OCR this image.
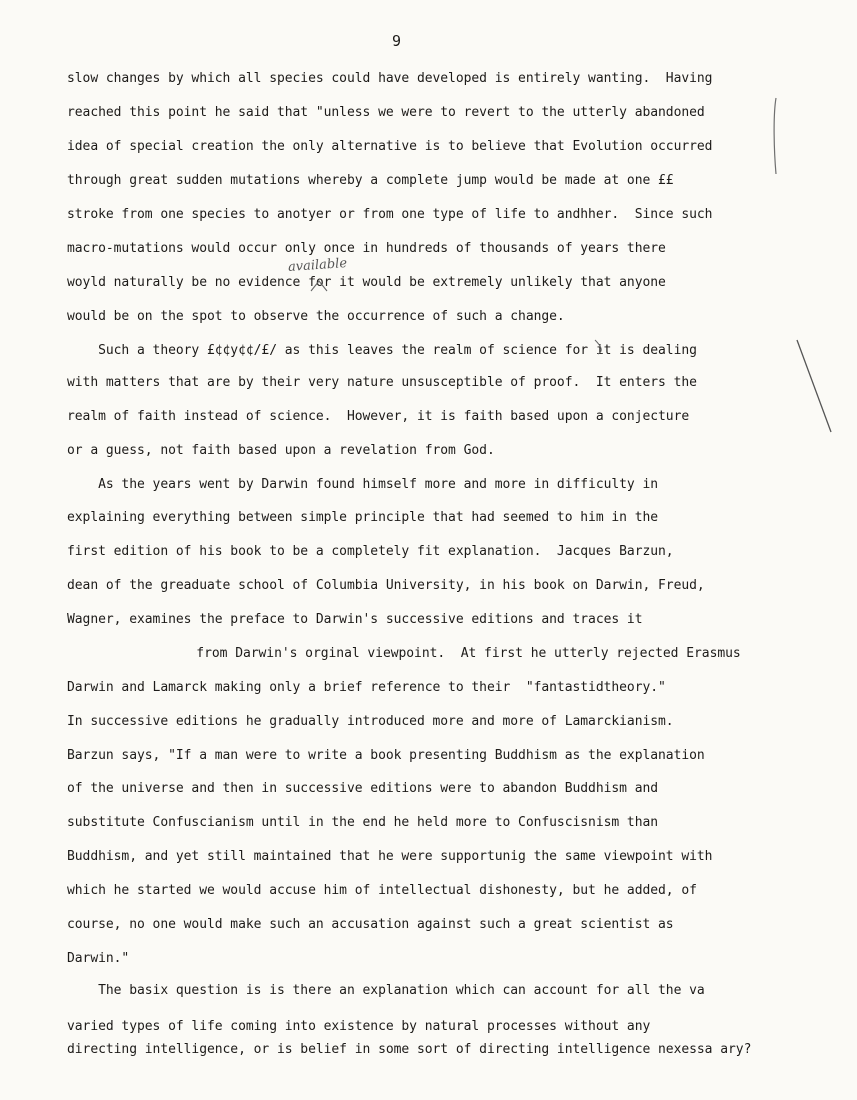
9
slow changes by which all species could have developed is entirely wanting.  Having
reached this point he said that "unless we were to revert to the utterly abandoned
idea of special creation the only alternative is to believe that Evolution occurred
through great sudden mutations whereby a complete jump would be made at one ££
stroke from one species to anotyer or from one type of life to andhher.  Since such
macro-mutations would occur only once in hundreds of thousands of years there
woyld naturally be no evidence for it would be extremely unlikely that anyone
would be on the spot to observe the occurrence of such a change.
Such a theory £¢¢y¢¢/£/ as this leaves the realm of science for it is dealing
with matters that are by their very nature unsusceptible of proof.  It enters the
realm of faith instead of science.  However, it is faith based upon a conjecture
or a guess, not faith based upon a revelation from God.
As the years went by Darwin found himself more and more in difficulty in
explaining everything between simple principle that had seemed to him in the
first edition of his book to be a completely fit explanation.  Jacques Barzun,
dean of the greaduate school of Columbia University, in his book on Darwin, Freud,
Wagner, examines the preface to Darwin's successive editions and traces it
from Darwin's orginal viewpoint.  At first he utterly rejected Erasmus
Darwin and Lamarck making only a brief reference to their  "fantastidtheory."
In successive editions he gradually introduced more and more of Lamarckianism.
Barzun says, "If a man were to write a book presenting Buddhism as the explanation
of the universe and then in successive editions were to abandon Buddhism and
substitute Confuscianism until in the end he held more to Confuscisnism than
Buddhism, and yet still maintained that he were supportunig the same viewpoint with
which he started we would accuse him of intellectual dishonesty, but he added, of
course, no one would make such an accusation against such a great scientist as
Darwin."
The basix question is is there an explanation which can account for all the va
varied types of life coming into existence by natural processes without any
directing intelligence, or is belief in some sort of directing intelligence nexessa ary?
available
